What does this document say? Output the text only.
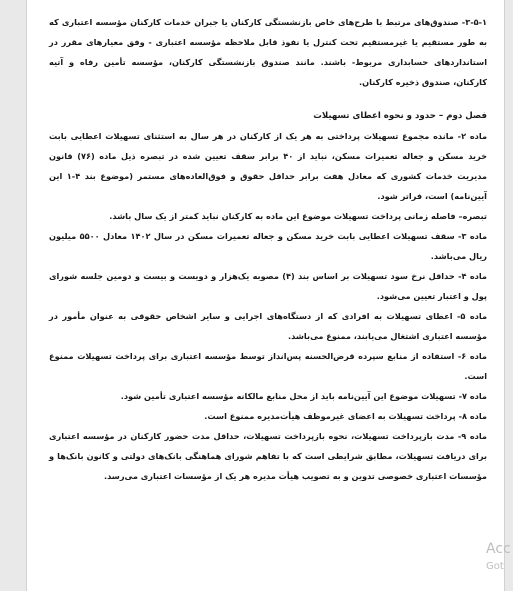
۳-۵-۱- صندوق‌های مرتبط با طرح‌های خاص بازنشستگی کارکنان یا جبران خدمات کارکنان مؤسسه اعتباری که به طور مستقیم یا غیرمستقیم تحت کنترل یا نفوذ قابل ملاحظه مؤسسه اعتباری - وفق معیارهای مقرر در استانداردهای حسابداری مربوط- باشند. مانند صندوق بازنشستگی کارکنان، مؤسسه تأمین رفاه و آتیه کارکنان، صندوق ذخیره کارکنان.

فصل دوم – حدود و نحوه اعطای تسهیلات

ماده ۲- مانده مجموع تسهیلات پرداختی به هر یک از کارکنان در هر سال به استثنای تسهیلات اعطایی بابت خرید مسکن و جعاله تعمیرات مسکن، نباید از ۴۰ برابر سقف تعیین شده در تبصره ذیل ماده (۷۶) قانون مدیریت خدمات کشوری که معادل هفت برابر حداقل حقوق و فوق‌العاده‌های مستمر (موضوع بند ۴-۱ این آیین‌نامه) است، فراتر شود.

تبصره– فاصله زمانی پرداخت تسهیلات موضوع این ماده به کارکنان نباید کمتر از یک سال باشد.

ماده ۳- سقف تسهیلات اعطایی بابت خرید مسکن و جعاله تعمیرات مسکن در سال ۱۴۰۲ معادل ۵۵۰۰ میلیون ریال می‌باشد.

ماده ۴- حداقل نرخ سود تسهیلات بر اساس بند (۴) مصوبه یک‌هزار و دویست و بیست و دومین جلسه شورای پول و اعتبار تعیین می‌شود.

ماده ۵- اعطای تسهیلات به افرادی که از دستگاه‌های اجرایی و سایر اشخاص حقوقی به عنوان مأمور در مؤسسه اعتباری اشتغال می‌یابند، ممنوع می‌باشد.

ماده ۶- استفاده از منابع سپرده قرض‌الحسنه پس‌انداز توسط مؤسسه اعتباری برای پرداخت تسهیلات ممنوع است.

ماده ۷- تسهیلات موضوع این آیین‌نامه باید از محل منابع مالکانه مؤسسه اعتباری تأمین شود.

ماده ۸- پرداخت تسهیلات به اعضای غیرموظف هیأت‌مدیره ممنوع است.

ماده ۹- مدت بازپرداخت تسهیلات، نحوه بازپرداخت تسهیلات، حداقل مدت حضور کارکنان در مؤسسه اعتباری برای دریافت تسهیلات، مطابق شرایطی است که با تفاهم شورای هماهنگی بانک‌های دولتی و کانون بانک‌ها و مؤسسات اعتباری خصوصی تدوین و به تصویب هیأت مدیره هر یک از مؤسسات اعتباری می‌رسد.

Acc
Got
